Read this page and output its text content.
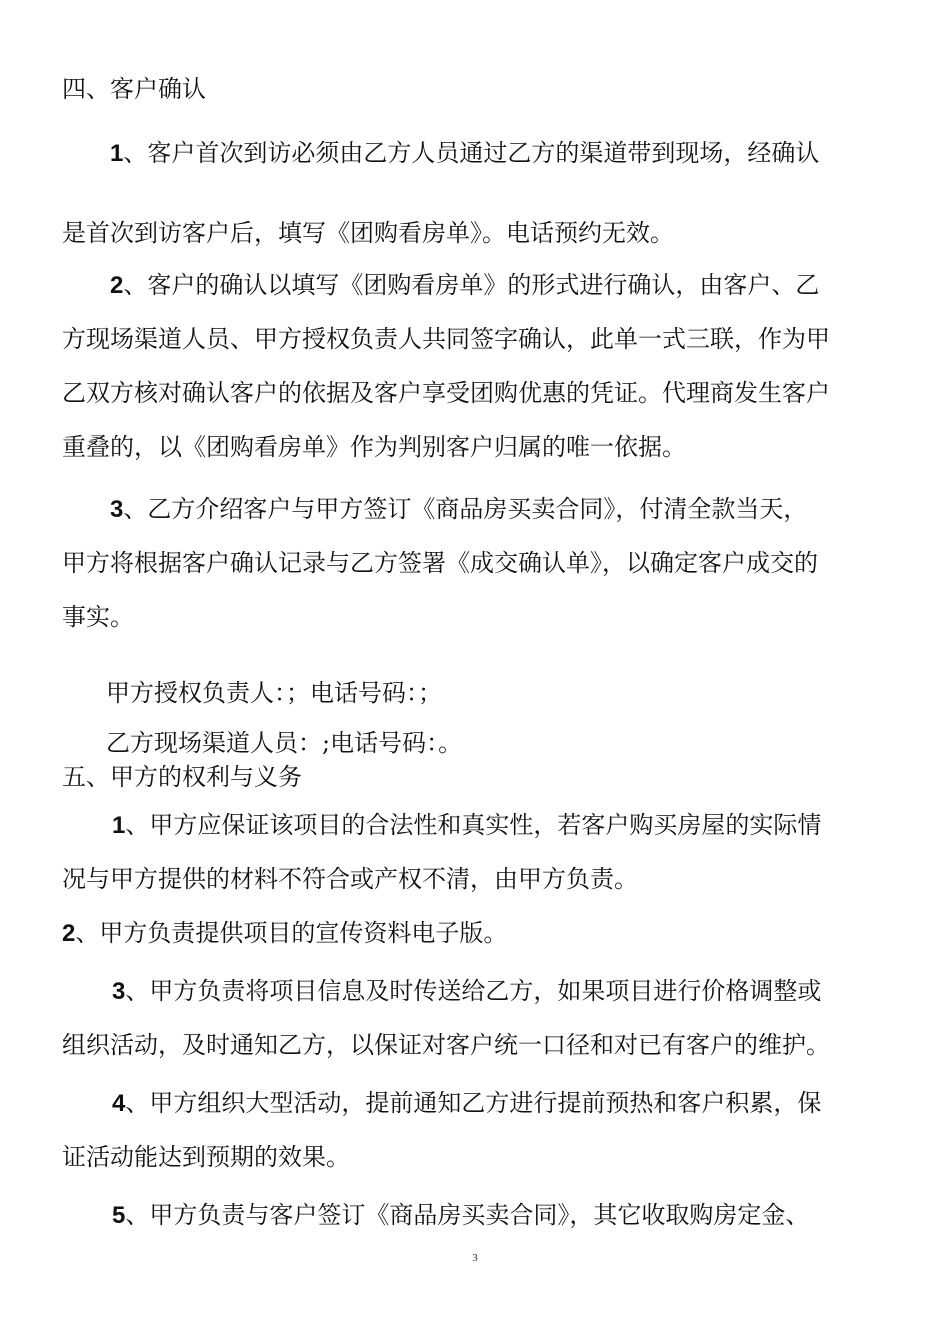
四、客户确认
1、客户首次到访必须由乙方人员通过乙方的渠道带到现场，经确认
是首次到访客户后，填写《团购看房单》。电话预约无效。
2、客户的确认以填写《团购看房单》的形式进行确认，由客户、乙
方现场渠道人员、甲方授权负责人共同签字确认，此单一式三联，作为甲
乙双方核对确认客户的依据及客户享受团购优惠的凭证。代理商发生客户
重叠的，以《团购看房单》作为判别客户归属的唯一依据。
3、乙方介绍客户与甲方签订《商品房买卖合同》，付清全款当天，
甲方将根据客户确认记录与乙方签署《成交确认单》，以确定客户成交的
事实。
甲方授权负责人：；电话号码：；
乙方现场渠道人员：;电话号码：。
五、甲方的权利与义务
1、甲方应保证该项目的合法性和真实性，若客户购买房屋的实际情
况与甲方提供的材料不符合或产权不清，由甲方负责。
2、甲方负责提供项目的宣传资料电子版。
3、甲方负责将项目信息及时传送给乙方，如果项目进行价格调整或
组织活动，及时通知乙方，以保证对客户统一口径和对已有客户的维护。
4、甲方组织大型活动，提前通知乙方进行提前预热和客户积累，保
证活动能达到预期的效果。
5、甲方负责与客户签订《商品房买卖合同》，其它收取购房定金、
3
